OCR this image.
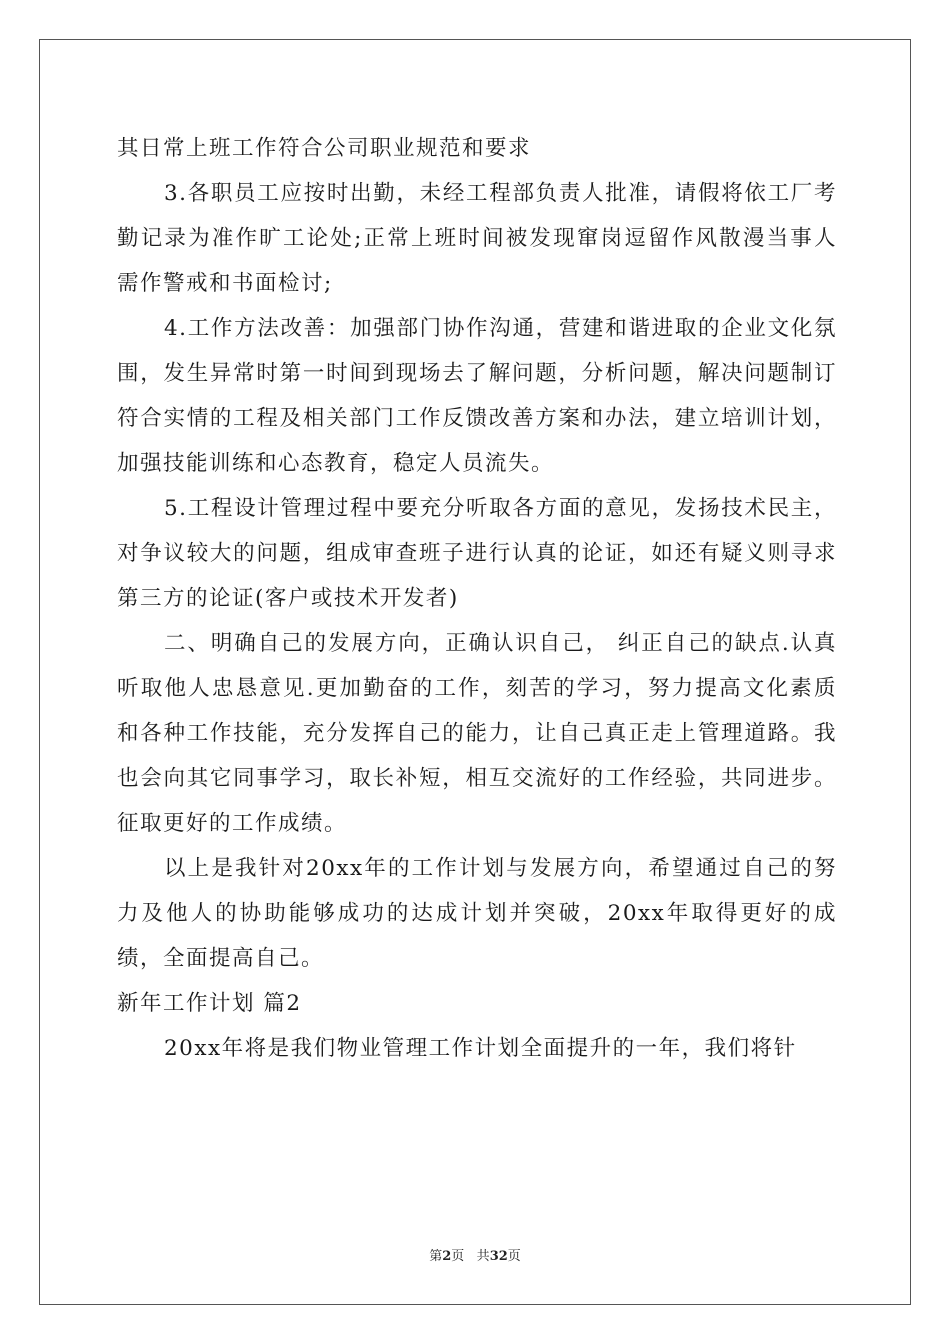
其日常上班工作符合公司职业规范和要求

3.各职员工应按时出勤，未经工程部负责人批准，请假将依工厂考勤记录为准作旷工论处;正常上班时间被发现窜岗逗留作风散漫当事人需作警戒和书面检讨;

4.工作方法改善：加强部门协作沟通，营建和谐进取的企业文化氛围，发生异常时第一时间到现场去了解问题，分析问题，解决问题制订符合实情的工程及相关部门工作反馈改善方案和办法，建立培训计划，加强技能训练和心态教育，稳定人员流失。

5.工程设计管理过程中要充分听取各方面的意见，发扬技术民主，对争议较大的问题，组成审查班子进行认真的论证，如还有疑义则寻求第三方的论证(客户或技术开发者)

二、明确自己的发展方向，正确认识自己， 纠正自己的缺点.认真听取他人忠恳意见.更加勤奋的工作，刻苦的学习，努力提高文化素质和各种工作技能，充分发挥自己的能力，让自己真正走上管理道路。我也会向其它同事学习，取长补短，相互交流好的工作经验，共同进步。征取更好的工作成绩。

以上是我针对20xx年的工作计划与发展方向，希望通过自己的努力及他人的协助能够成功的达成计划并突破，20xx年取得更好的成绩，全面提高自己。

新年工作计划 篇2

20xx年将是我们物业管理工作计划全面提升的一年，我们将针

第2页 共32页
